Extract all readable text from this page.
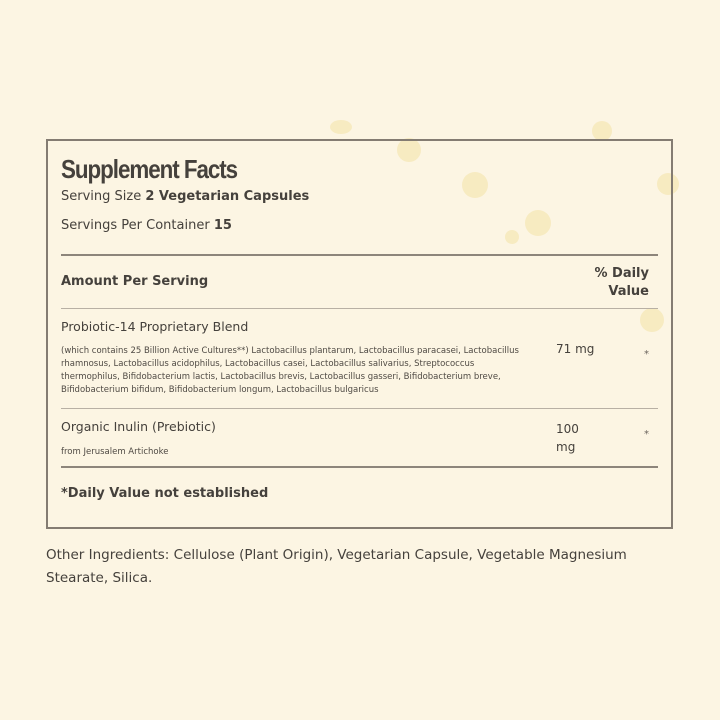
Supplement Facts
Serving Size 2 Vegetarian Capsules
Servings Per Container 15
Amount Per Serving
% Daily
Value
Probiotic-14 Proprietary Blend
(which contains 25 Billion Active Cultures**) Lactobacillus plantarum, Lactobacillus paracasei, Lactobacillus rhamnosus, Lactobacillus acidophilus, Lactobacillus casei, Lactobacillus salivarius, Streptococcus thermophilus, Bifidobacterium lactis, Lactobacillus brevis, Lactobacillus gasseri, Bifidobacterium breve, Bifidobacterium bifidum, Bifidobacterium longum, Lactobacillus bulgaricus
71 mg	*
Organic Inulin (Prebiotic)
from Jerusalem Artichoke
100 mg
*
*Daily Value not established
Other Ingredients: Cellulose (Plant Origin), Vegetarian Capsule, Vegetable Magnesium Stearate, Silica.
